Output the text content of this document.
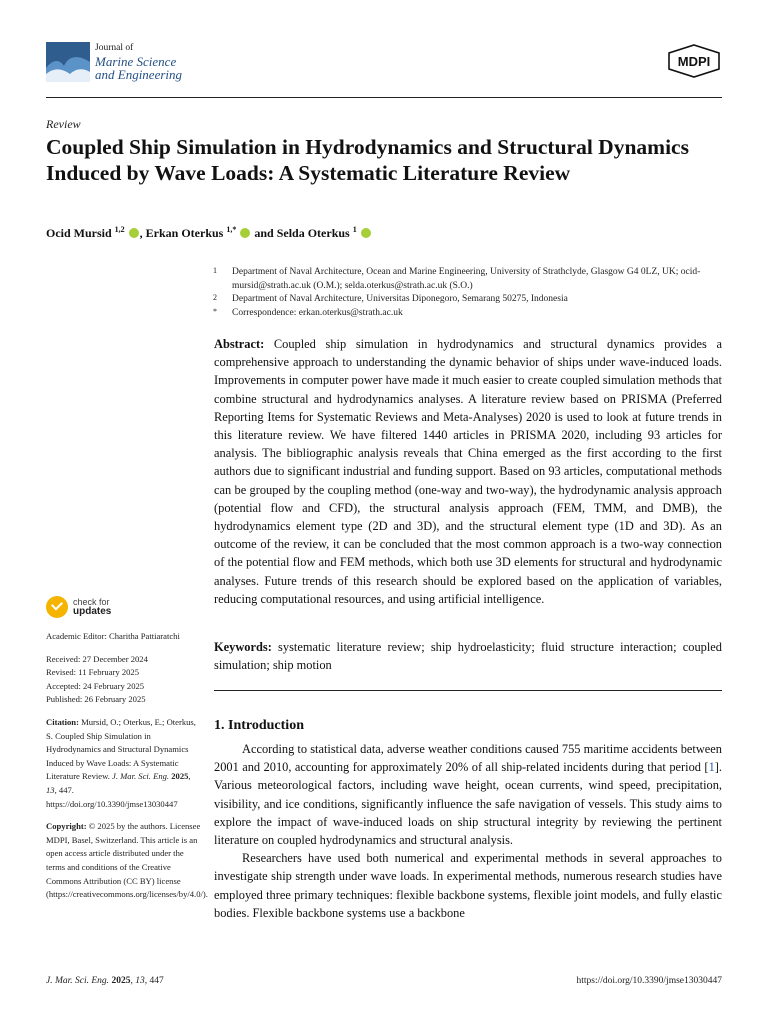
Journal of
Marine Science
and Engineering
MDPI
Review
Coupled Ship Simulation in Hydrodynamics and Structural Dynamics Induced by Wave Loads: A Systematic Literature Review
Ocid Mursid $^{1,2}$ , Erkan Oterkus $^{1,*}$  and Selda Oterkus $^1$
1 Department of Naval Architecture, Ocean and Marine Engineering, University of Strathclyde, Glasgow G4 0LZ, UK; ocid-mursid@strath.ac.uk (O.M.); selda.oterkus@strath.ac.uk (S.O.)
2 Department of Naval Architecture, Universitas Diponegoro, Semarang 50275, Indonesia
* Correspondence: erkan.oterkus@strath.ac.uk
Abstract: Coupled ship simulation in hydrodynamics and structural dynamics provides a comprehensive approach to understanding the dynamic behavior of ships under wave-induced loads. Improvements in computer power have made it much easier to create coupled simulation methods that combine structural and hydrodynamics analyses. A literature review based on PRISMA (Preferred Reporting Items for Systematic Reviews and Meta-Analyses) 2020 is used to look at future trends in this literature review. We have filtered 1440 articles in PRISMA 2020, including 93 articles for analysis. The bibliographic analysis reveals that China emerged as the first according to the first authors due to significant industrial and funding support. Based on 93 articles, computational methods can be grouped by the coupling method (one-way and two-way), the hydrodynamic analysis approach (potential flow and CFD), the structural analysis approach (FEM, TMM, and DMB), the hydrodynamics element type (2D and 3D), and the structural element type (1D and 3D). As an outcome of the review, it can be concluded that the most common approach is a two-way connection of the potential flow and FEM methods, which both use 3D elements for structural and hydrodynamic analyses. Future trends of this research should be explored based on the application of variables, reducing computational resources, and using artificial intelligence.
Keywords: systematic literature review; ship hydroelasticity; fluid structure interaction; coupled simulation; ship motion
1. Introduction

According to statistical data, adverse weather conditions caused 755 maritime accidents between 2001 and 2010, accounting for approximately 20% of all ship-related incidents during that period [1]. Various meteorological factors, including wave height, ocean currents, wind speed, precipitation, visibility, and ice conditions, significantly influence the safe navigation of vessels. This study aims to explore the impact of wave-induced loads on ship structural integrity by reviewing the pertinent literature on coupled hydrodynamics and structural analysis.

Researchers have used both numerical and experimental methods in several approaches to investigate ship strength under wave loads. In experimental methods, numerous research studies have employed three primary techniques: flexible backbone systems, flexible joint models, and fully elastic bodies. Flexible backbone systems use a backbone

check for
updates
Academic Editor: Charitha Pattiaratchi
Received: 27 December 2024
Revised: 11 February 2025
Accepted: 24 February 2025
Published: 26 February 2025
Citation: Mursid, O.; Oterkus, E.; Oterkus, S. Coupled Ship Simulation in Hydrodynamics and Structural Dynamics Induced by Wave Loads: A Systematic Literature Review. J. Mar. Sci. Eng. 2025, 13, 447. https://doi.org/10.3390/jmse13030447
Copyright: © 2025 by the authors. Licensee MDPI, Basel, Switzerland. This article is an open access article distributed under the terms and conditions of the Creative Commons Attribution (CC BY) license (https://creativecommons.org/licenses/by/4.0/).
J. Mar. Sci. Eng. 2025, 13, 447	https://doi.org/10.3390/jmse13030447
